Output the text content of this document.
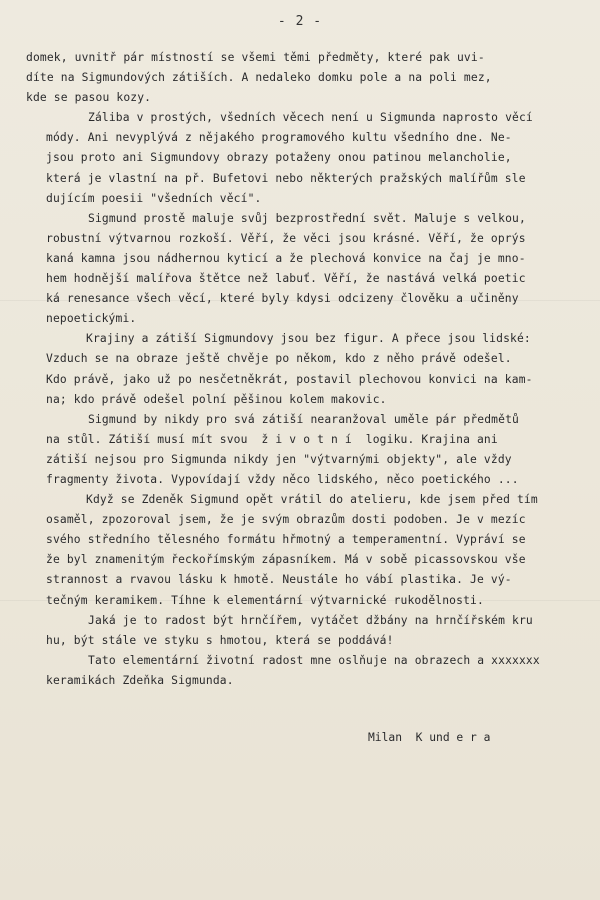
- 2 -
domek, uvnitř pár místností se všemi těmi předměty, které pak uvi-
díte na Sigmundových zátiších. A nedaleko domku pole a na poli mez,
kde se pasou kozy.
Záliba v prostých, všedních věcech není u Sigmunda naprosto věcí
módy. Ani nevyplývá z nějakého programového kultu všedního dne. Ne-
jsou proto ani Sigmundovy obrazy potaženy onou patinou melancholie,
která je vlastní na př. Bufetovi nebo některých pražských malířům sle
dujícím poesii "všedních věcí".
Sigmund prostě maluje svůj bezprostřední svět. Maluje s velkou,
robustní výtvarnou rozkoší. Věří, že věci jsou krásné. Věří, že oprýs
kaná kamna jsou nádhernou kyticí a že plechová konvice na čaj je mno-
hem hodnější malířova štětce než labuť. Věří, že nastává velká poetic
ká renesance všech věcí, které byly kdysi odcizeny člověku a učiněny
nepoetickými.
Krajiny a zátiší Sigmundovy jsou bez figur. A přece jsou lidské:
Vzduch se na obraze ještě chvěje po někom, kdo z něho právě odešel.
Kdo právě, jako už po nesčetněkrát, postavil plechovou konvici na kam-
na; kdo právě odešel polní pěšinou kolem makovic.
Sigmund by nikdy pro svá zátiší nearanžoval uměle pár předmětů
na stůl. Zátiší musí mít svou  ž i v o t n í  logiku. Krajina ani
zátiší nejsou pro Sigmunda nikdy jen "výtvarnými objekty", ale vždy
fragmenty života. Vypovídají vždy něco lidského, něco poetického ...
Když se Zdeněk Sigmund opět vrátil do atelieru, kde jsem před tím
osaměl, zpozoroval jsem, že je svým obrazům dosti podoben. Je v mezíc
svého středního tělesného formátu hřmotný a temperamentní. Vypráví se
že byl znamenitým řeckořímským zápasníkem. Má v sobě picassovskou vše
strannost a rvavou lásku k hmotě. Neustále ho vábí plastika. Je vý-
tečným keramikem. Tíhne k elementární výtvarnické rukodělnosti.
Jaká je to radost být hrnčířem, vytáčet džbány na hrnčířském kru
hu, být stále ve styku s hmotou, která se poddává!
Tato elementární životní radost mne oslňuje na obrazech a xxxxxxx
keramikách Zdeňka Sigmunda.

Milan  K und e r a
